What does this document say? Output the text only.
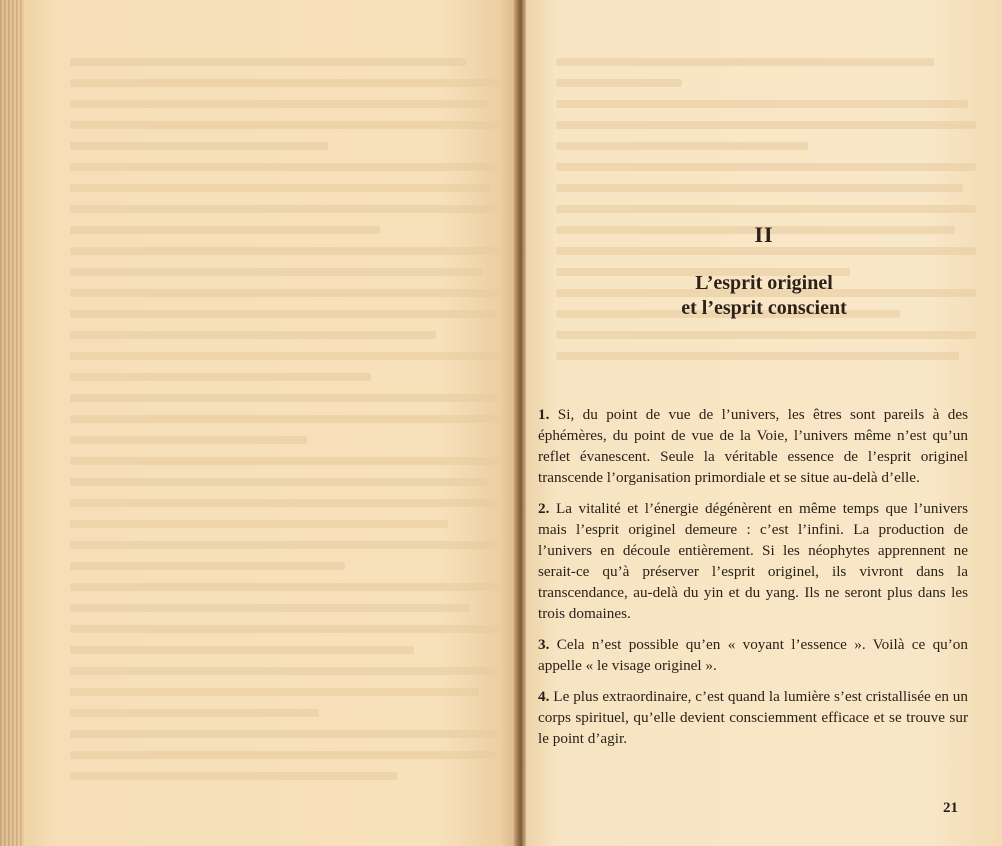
II
L’esprit originel
et l’esprit conscient

1. Si, du point de vue de l’univers, les êtres sont pareils à des éphémères, du point de vue de la Voie, l’univers même n’est qu’un reflet évanescent. Seule la véritable essence de l’esprit originel transcende l’organisation primordiale et se situe au-delà d’elle.

2. La vitalité et l’énergie dégénèrent en même temps que l’univers mais l’esprit originel demeure : c’est l’infini. La production de l’univers en découle entièrement. Si les néophytes apprennent ne serait-ce qu’à préserver l’esprit originel, ils vivront dans la transcendance, au-delà du yin et du yang. Ils ne seront plus dans les trois domaines.

3. Cela n’est possible qu’en « voyant l’essence ». Voilà ce qu’on appelle « le visage originel ».

4. Le plus extraordinaire, c’est quand la lumière s’est cristallisée en un corps spirituel, qu’elle devient consciemment efficace et se trouve sur le point d’agir.

21
